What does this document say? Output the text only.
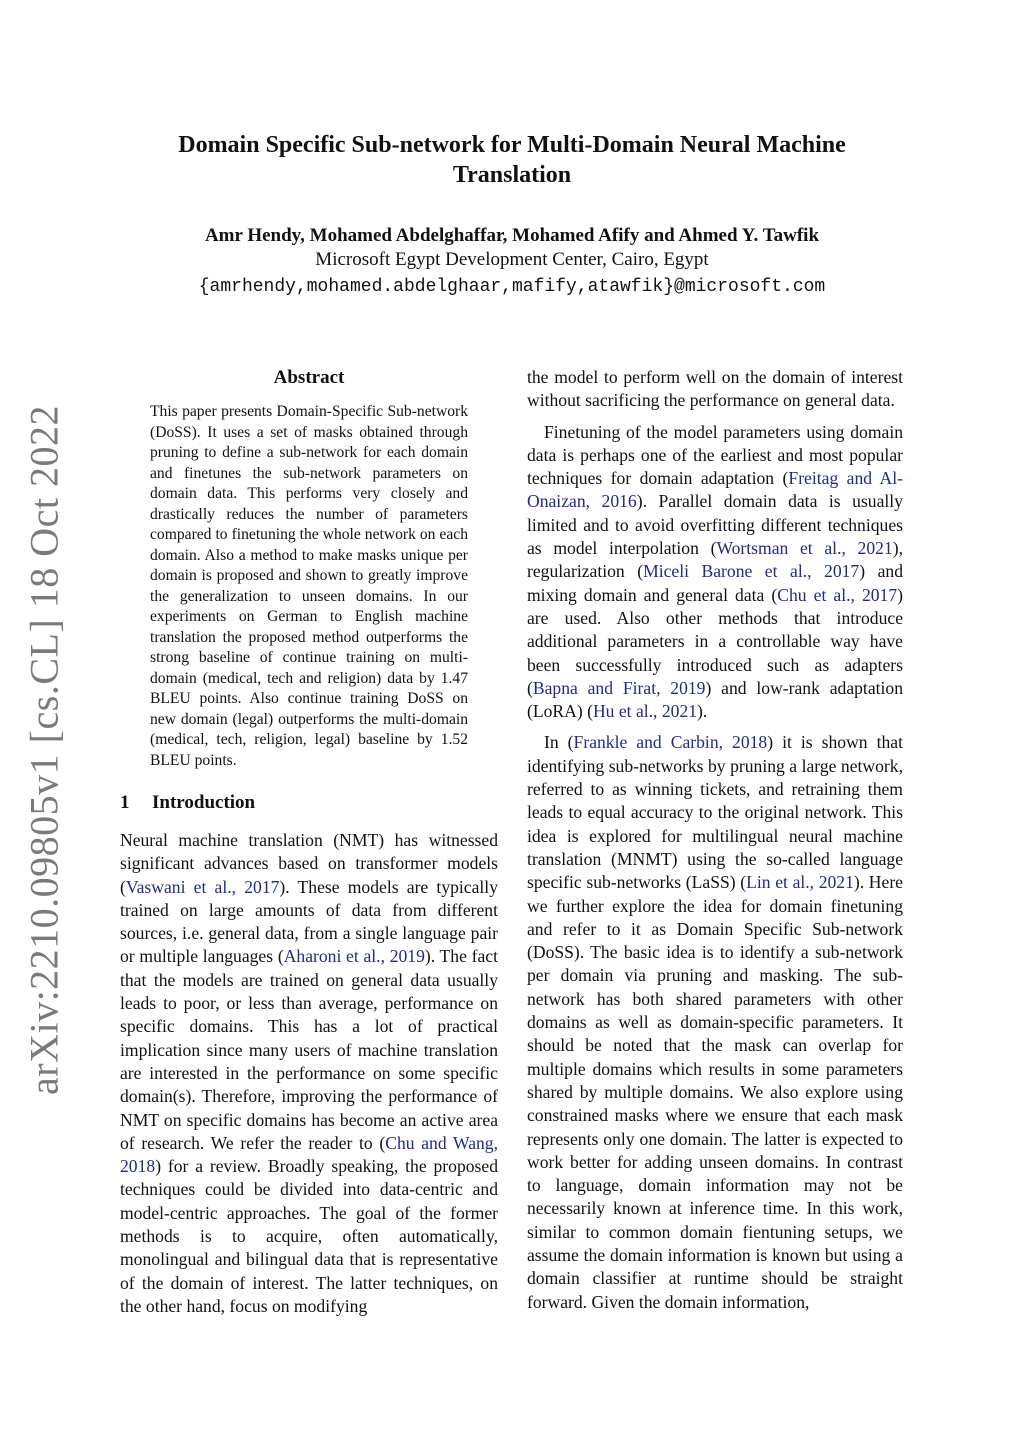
arXiv:2210.09805v1 [cs.CL] 18 Oct 2022
Domain Specific Sub-network for Multi-Domain Neural Machine Translation
Amr Hendy, Mohamed Abdelghaffar, Mohamed Afify and Ahmed Y. Tawfik
Microsoft Egypt Development Center, Cairo, Egypt
{amrhendy,mohamed.abdelghaar,mafify,atawfik}@microsoft.com
Abstract

This paper presents Domain-Specific Sub-network (DoSS). It uses a set of masks obtained through pruning to define a sub-network for each domain and finetunes the sub-network parameters on domain data. This performs very closely and drastically reduces the number of parameters compared to finetuning the whole network on each domain. Also a method to make masks unique per domain is proposed and shown to greatly improve the generalization to unseen domains. In our experiments on German to English machine translation the proposed method outperforms the strong baseline of continue training on multi-domain (medical, tech and religion) data by 1.47 BLEU points. Also continue training DoSS on new domain (legal) outperforms the multi-domain (medical, tech, religion, legal) baseline by 1.52 BLEU points.

1 Introduction

Neural machine translation (NMT) has witnessed significant advances based on transformer models (Vaswani et al., 2017). These models are typically trained on large amounts of data from different sources, i.e. general data, from a single language pair or multiple languages (Aharoni et al., 2019). The fact that the models are trained on general data usually leads to poor, or less than average, performance on specific domains. This has a lot of practical implication since many users of machine translation are interested in the performance on some specific domain(s). Therefore, improving the performance of NMT on specific domains has become an active area of research. We refer the reader to (Chu and Wang, 2018) for a review. Broadly speaking, the proposed techniques could be divided into data-centric and model-centric approaches. The goal of the former methods is to acquire, often automatically, monolingual and bilingual data that is representative of the domain of interest. The latter techniques, on the other hand, focus on modifying

the model to perform well on the domain of interest without sacrificing the performance on general data.

Finetuning of the model parameters using domain data is perhaps one of the earliest and most popular techniques for domain adaptation (Freitag and Al-Onaizan, 2016). Parallel domain data is usually limited and to avoid overfitting different techniques as model interpolation (Wortsman et al., 2021), regularization (Miceli Barone et al., 2017) and mixing domain and general data (Chu et al., 2017) are used. Also other methods that introduce additional parameters in a controllable way have been successfully introduced such as adapters (Bapna and Firat, 2019) and low-rank adaptation (LoRA) (Hu et al., 2021).

In (Frankle and Carbin, 2018) it is shown that identifying sub-networks by pruning a large network, referred to as winning tickets, and retraining them leads to equal accuracy to the original network. This idea is explored for multilingual neural machine translation (MNMT) using the so-called language specific sub-networks (LaSS) (Lin et al., 2021). Here we further explore the idea for domain finetuning and refer to it as Domain Specific Sub-network (DoSS). The basic idea is to identify a sub-network per domain via pruning and masking. The sub-network has both shared parameters with other domains as well as domain-specific parameters. It should be noted that the mask can overlap for multiple domains which results in some parameters shared by multiple domains. We also explore using constrained masks where we ensure that each mask represents only one domain. The latter is expected to work better for adding unseen domains. In contrast to language, domain information may not be necessarily known at inference time. In this work, similar to common domain fientuning setups, we assume the domain information is known but using a domain classifier at runtime should be straight forward. Given the domain information,
